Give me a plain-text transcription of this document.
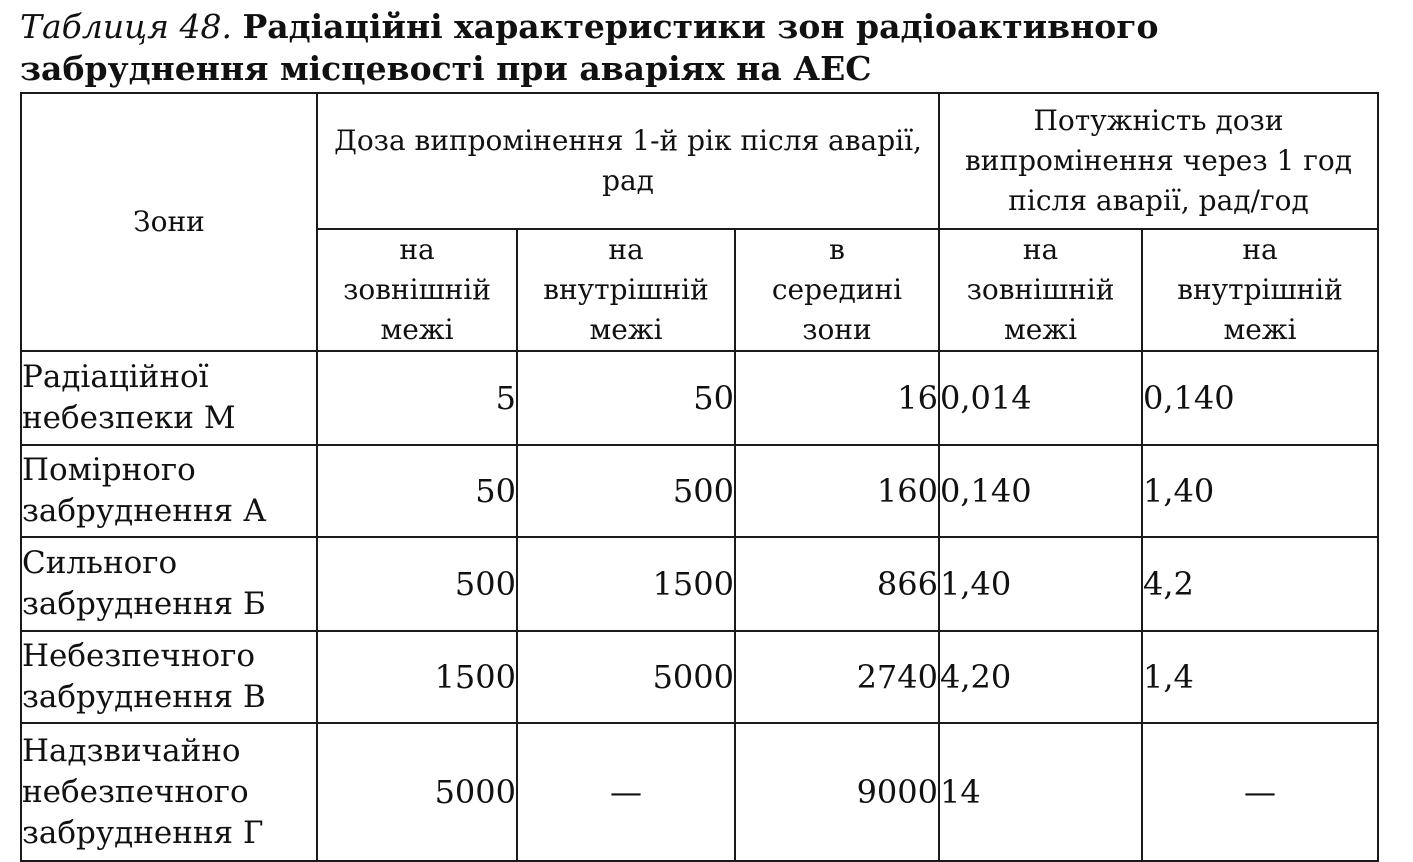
Таблиця 48. Радіаційні характеристики зон радіоактивного забруднення місцевості при аваріях на АЕС
Зони	Доза випромінення 1-й рік після аварії, рад			Потужність дози випромінення через 1 год після аварії, рад/год	
	на зовнішній межі	на внутрішній межі	в середині зони	на зовнішній межі	на внутрішній межі
Радіаційної небезпеки М	5	50	16	0,014	0,140
Помірного забруднення А	50	500	160	0,140	1,40
Сильного забруднення Б	500	1500	866	1,40	4,2
Небезпечного забруднення В	1500	5000	2740	4,20	1,4
Надзвичайно небезпечного забруднення Г	5000	—	9000	14	—
